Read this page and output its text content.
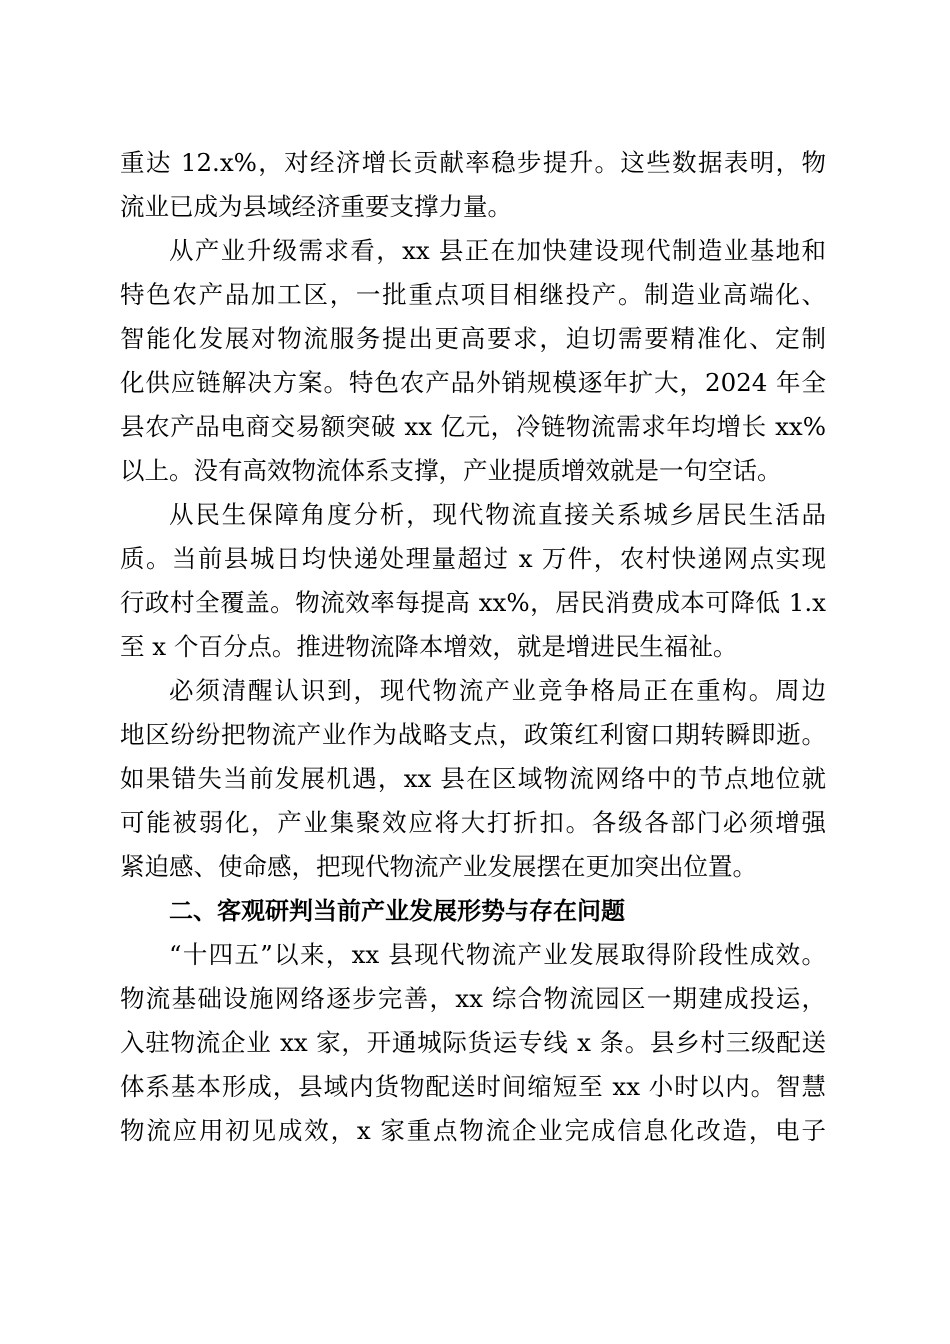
重达 12.x%，对经济增长贡献率稳步提升。这些数据表明，物
流业已成为县域经济重要支撑力量。
从产业升级需求看，xx 县正在加快建设现代制造业基地和
特色农产品加工区，一批重点项目相继投产。制造业高端化、
智能化发展对物流服务提出更高要求，迫切需要精准化、定制
化供应链解决方案。特色农产品外销规模逐年扩大，2024 年全
县农产品电商交易额突破 xx 亿元，冷链物流需求年均增长 xx%
以上。没有高效物流体系支撑，产业提质增效就是一句空话。
从民生保障角度分析，现代物流直接关系城乡居民生活品
质。当前县城日均快递处理量超过 x 万件，农村快递网点实现
行政村全覆盖。物流效率每提高 xx%，居民消费成本可降低 1.x
至 x 个百分点。推进物流降本增效，就是增进民生福祉。
必须清醒认识到，现代物流产业竞争格局正在重构。周边
地区纷纷把物流产业作为战略支点，政策红利窗口期转瞬即逝。
如果错失当前发展机遇，xx 县在区域物流网络中的节点地位就
可能被弱化，产业集聚效应将大打折扣。各级各部门必须增强
紧迫感、使命感，把现代物流产业发展摆在更加突出位置。
二、客观研判当前产业发展形势与存在问题
“十四五”以来，xx 县现代物流产业发展取得阶段性成效。
物流基础设施网络逐步完善，xx 综合物流园区一期建成投运，
入驻物流企业 xx 家，开通城际货运专线 x 条。县乡村三级配送
体系基本形成，县域内货物配送时间缩短至 xx 小时以内。智慧
物流应用初见成效，x 家重点物流企业完成信息化改造，电子
